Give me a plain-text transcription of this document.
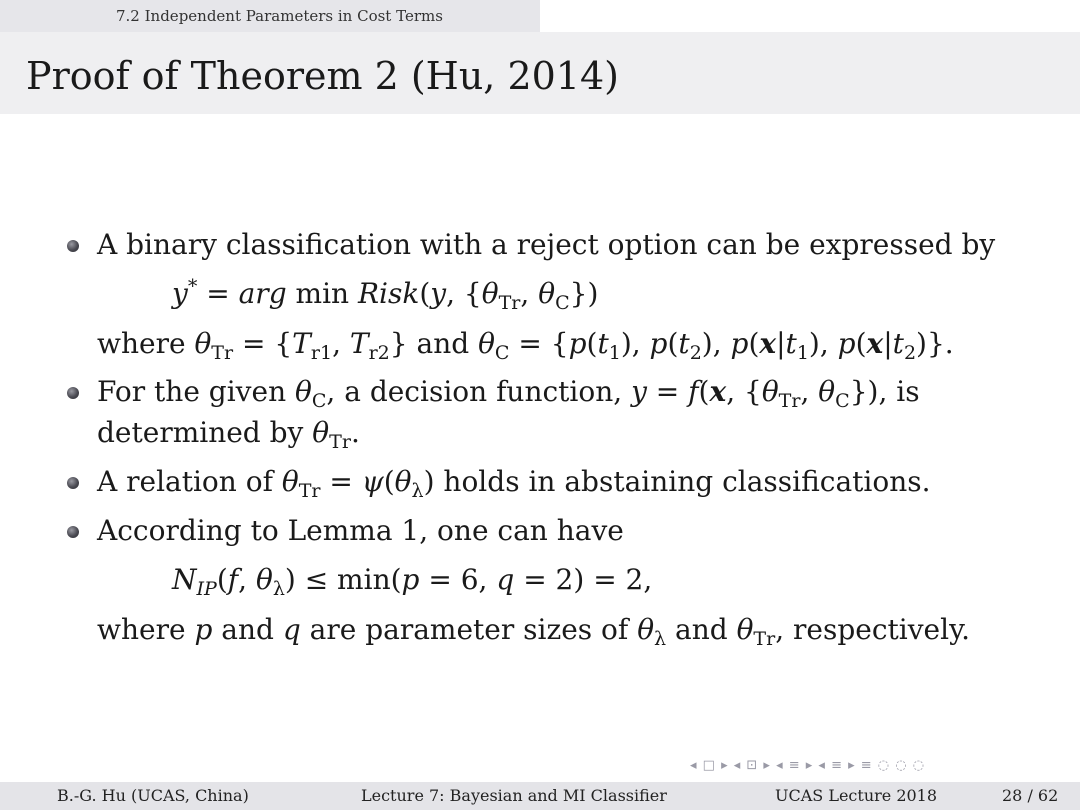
7.2 Independent Parameters in Cost Terms
Proof of Theorem 2 (Hu, 2014)
A binary classification with a reject option can be expressed by
y* = arg min Risk(y, {$\theta_{Tr}$, $\theta_C$})
where $\theta_{Tr} = \{T_{r1}$, $T_{r2}$} and $\theta_C = \{p(t_1)$, $p(t_2)$, $p(x|t_1)$, $p(x|t_2)$}.
For the given $\theta_C$, a decision function, y = f(x, {$\theta_{Tr}$, $\theta_C$}), is
determined by $\theta_{Tr}$.
A relation of $\theta_{Tr} = \psi(\theta_\lambda)$ holds in abstaining classifications.
According to Lemma 1, one can have
$N_{IP}(f$, $\theta_\lambda) \le \min(p = 6$, q = 2) = 2,
where p and q are parameter sizes of $\theta_\lambda$ and $\theta_{Tr}$, respectively.
◂ □ ▸ ◂ ⊡ ▸ ◂ ≡ ▸ ◂ ≡ ▸ ≡ ◌ ◌ ◌
B.-G. Hu (UCAS, China)	Lecture 7: Bayesian and MI Classifier	UCAS Lecture 2018	28 / 62
